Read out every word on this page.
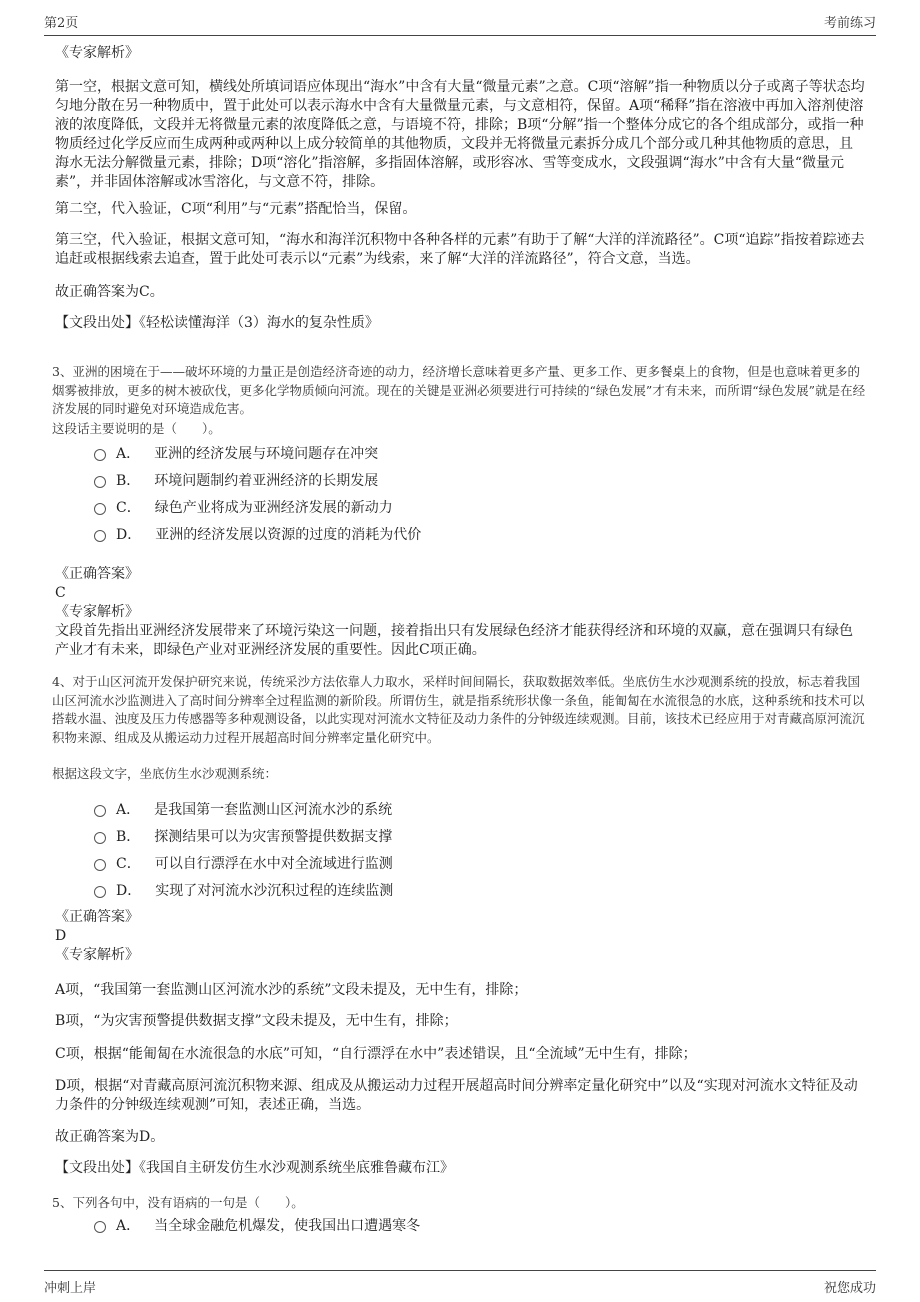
第2页	考前练习
《专家解析》
第一空，根据文意可知，横线处所填词语应体现出“海水”中含有大量“微量元素”之意。C项“溶解”指一种物质以分子或离子等状态均匀地分散在另一种物质中，置于此处可以表示海水中含有大量微量元素，与文意相符，保留。A项“稀释”指在溶液中再加入溶剂使溶液的浓度降低，文段并无将微量元素的浓度降低之意，与语境不符，排除；B项“分解”指一个整体分成它的各个组成部分，或指一种物质经过化学反应而生成两种或两种以上成分较简单的其他物质，文段并无将微量元素拆分成几个部分或几种其他物质的意思，且海水无法分解微量元素，排除；D项“溶化”指溶解，多指固体溶解，或形容冰、雪等变成水，文段强调“海水”中含有大量“微量元素”，并非固体溶解或冰雪溶化，与文意不符，排除。
第二空，代入验证，C项“利用”与“元素”搭配恰当，保留。
第三空，代入验证，根据文意可知，“海水和海洋沉积物中各种各样的元素”有助于了解“大洋的洋流路径”。C项“追踪”指按着踪迹去追赶或根据线索去追查，置于此处可表示以“元素”为线索，来了解“大洋的洋流路径”，符合文意，当选。
故正确答案为C。
【文段出处】《轻松读懂海洋（3）海水的复杂性质》
3、亚洲的困境在于——破坏环境的力量正是创造经济奇迹的动力，经济增长意味着更多产量、更多工作、更多餐桌上的食物，但是也意味着更多的烟雾被排放，更多的树木被砍伐，更多化学物质倾向河流。现在的关键是亚洲必须要进行可持续的“绿色发展”才有未来，而所谓“绿色发展”就是在经济发展的同时避免对环境造成危害。
这段话主要说明的是（　　）。
A． 亚洲的经济发展与环境问题存在冲突
B． 环境问题制约着亚洲经济的长期发展
C． 绿色产业将成为亚洲经济发展的新动力
D． 亚洲的经济发展以资源的过度的消耗为代价
《正确答案》
C
《专家解析》
文段首先指出亚洲经济发展带来了环境污染这一问题，接着指出只有发展绿色经济才能获得经济和环境的双赢，意在强调只有绿色产业才有未来，即绿色产业对亚洲经济发展的重要性。因此C项正确。
4、对于山区河流开发保护研究来说，传统采沙方法依靠人力取水，采样时间间隔长，获取数据效率低。坐底仿生水沙观测系统的投放，标志着我国山区河流水沙监测进入了高时间分辨率全过程监测的新阶段。所谓仿生，就是指系统形状像一条鱼，能匍匐在水流很急的水底，这种系统和技术可以搭载水温、浊度及压力传感器等多种观测设备，以此实现对河流水文特征及动力条件的分钟级连续观测。目前，该技术已经应用于对青藏高原河流沉积物来源、组成及从搬运动力过程开展超高时间分辨率定量化研究中。
根据这段文字，坐底仿生水沙观测系统：
A． 是我国第一套监测山区河流水沙的系统
B． 探测结果可以为灾害预警提供数据支撑
C． 可以自行漂浮在水中对全流域进行监测
D． 实现了对河流水沙沉积过程的连续监测
《正确答案》
D
《专家解析》
A项，“我国第一套监测山区河流水沙的系统”文段未提及，无中生有，排除；
B项，“为灾害预警提供数据支撑”文段未提及，无中生有，排除；
C项，根据“能匍匐在水流很急的水底”可知，“自行漂浮在水中”表述错误，且“全流域”无中生有，排除；
D项，根据“对青藏高原河流沉积物来源、组成及从搬运动力过程开展超高时间分辨率定量化研究中”以及“实现对河流水文特征及动力条件的分钟级连续观测”可知，表述正确，当选。
故正确答案为D。
【文段出处】《我国自主研发仿生水沙观测系统坐底雅鲁藏布江》
5、下列各句中，没有语病的一句是（　　）。
A． 当全球金融危机爆发，使我国出口遭遇寒冬
冲刺上岸	祝您成功
